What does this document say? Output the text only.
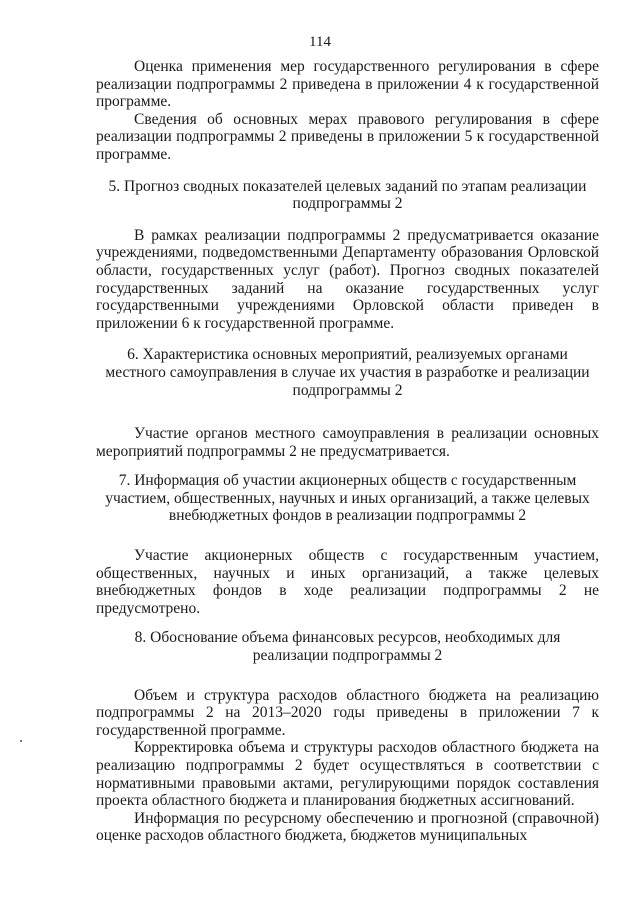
114

Оценка применения мер государственного регулирования в сфере реализации подпрограммы 2 приведена в приложении 4 к государственной программе.

Сведения об основных мерах правового регулирования в сфере реализации подпрограммы 2 приведены в приложении 5 к государственной программе.

5. Прогноз сводных показателей целевых заданий по этапам реализации подпрограммы 2

В рамках реализации подпрограммы 2 предусматривается оказание учреждениями, подведомственными Департаменту образования Орловской области, государственных услуг (работ). Прогноз сводных показателей государственных заданий на оказание государственных услуг государственными учреждениями Орловской области приведен в приложении 6 к государственной программе.

6. Характеристика основных мероприятий, реализуемых органами местного самоуправления в случае их участия в разработке и реализации подпрограммы 2

Участие органов местного самоуправления в реализации основных мероприятий подпрограммы 2 не предусматривается.

7. Информация об участии акционерных обществ с государственным участием, общественных, научных и иных организаций, а также целевых внебюджетных фондов в реализации подпрограммы 2

Участие акционерных обществ с государственным участием, общественных, научных и иных организаций, а также целевых внебюджетных фондов в ходе реализации подпрограммы 2 не предусмотрено.

8. Обоснование объема финансовых ресурсов, необходимых для реализации подпрограммы 2

Объем и структура расходов областного бюджета на реализацию подпрограммы 2 на 2013–2020 годы приведены в приложении 7 к государственной программе.

Корректировка объема и структуры расходов областного бюджета на реализацию подпрограммы 2 будет осуществляться в соответствии с нормативными правовыми актами, регулирующими порядок составления проекта областного бюджета и планирования бюджетных ассигнований.

Информация по ресурсному обеспечению и прогнозной (справочной) оценке расходов областного бюджета, бюджетов муниципальных
